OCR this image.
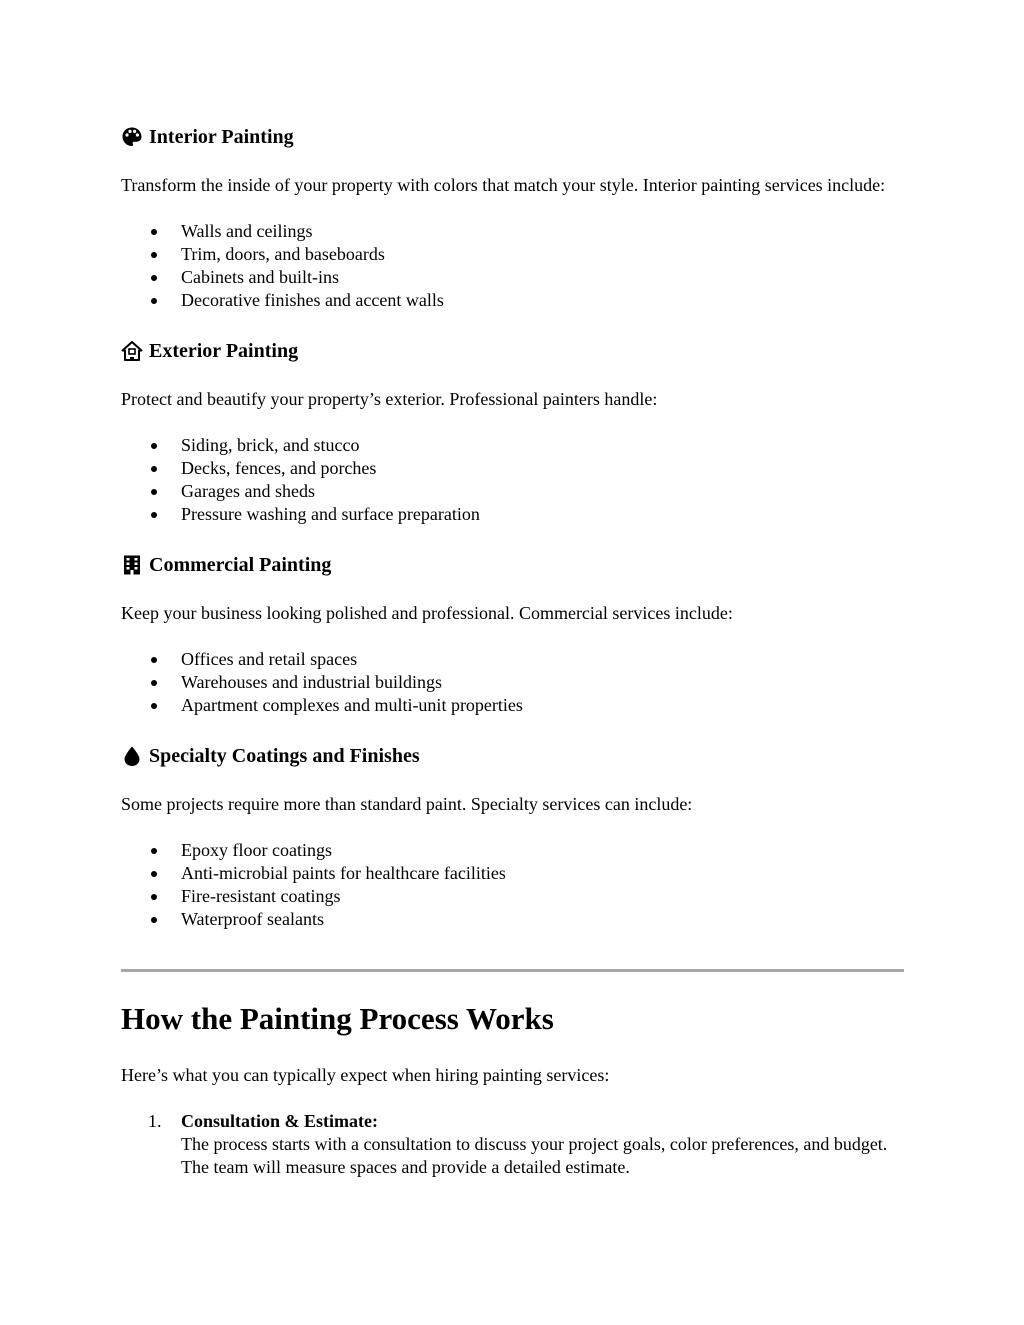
Interior Painting

Transform the inside of your property with colors that match your style. Interior painting services include:

Walls and ceilings
Trim, doors, and baseboards
Cabinets and built-ins
Decorative finishes and accent walls
Exterior Painting

Protect and beautify your property’s exterior. Professional painters handle:

Siding, brick, and stucco
Decks, fences, and porches
Garages and sheds
Pressure washing and surface preparation
Commercial Painting

Keep your business looking polished and professional. Commercial services include:

Offices and retail spaces
Warehouses and industrial buildings
Apartment complexes and multi-unit properties
Specialty Coatings and Finishes

Some projects require more than standard paint. Specialty services can include:

Epoxy floor coatings
Anti-microbial paints for healthcare facilities
Fire-resistant coatings
Waterproof sealants
How the Painting Process Works

Here’s what you can typically expect when hiring painting services:

1. Consultation & Estimate:
The process starts with a consultation to discuss your project goals, color preferences, and budget. The team will measure spaces and provide a detailed estimate.
